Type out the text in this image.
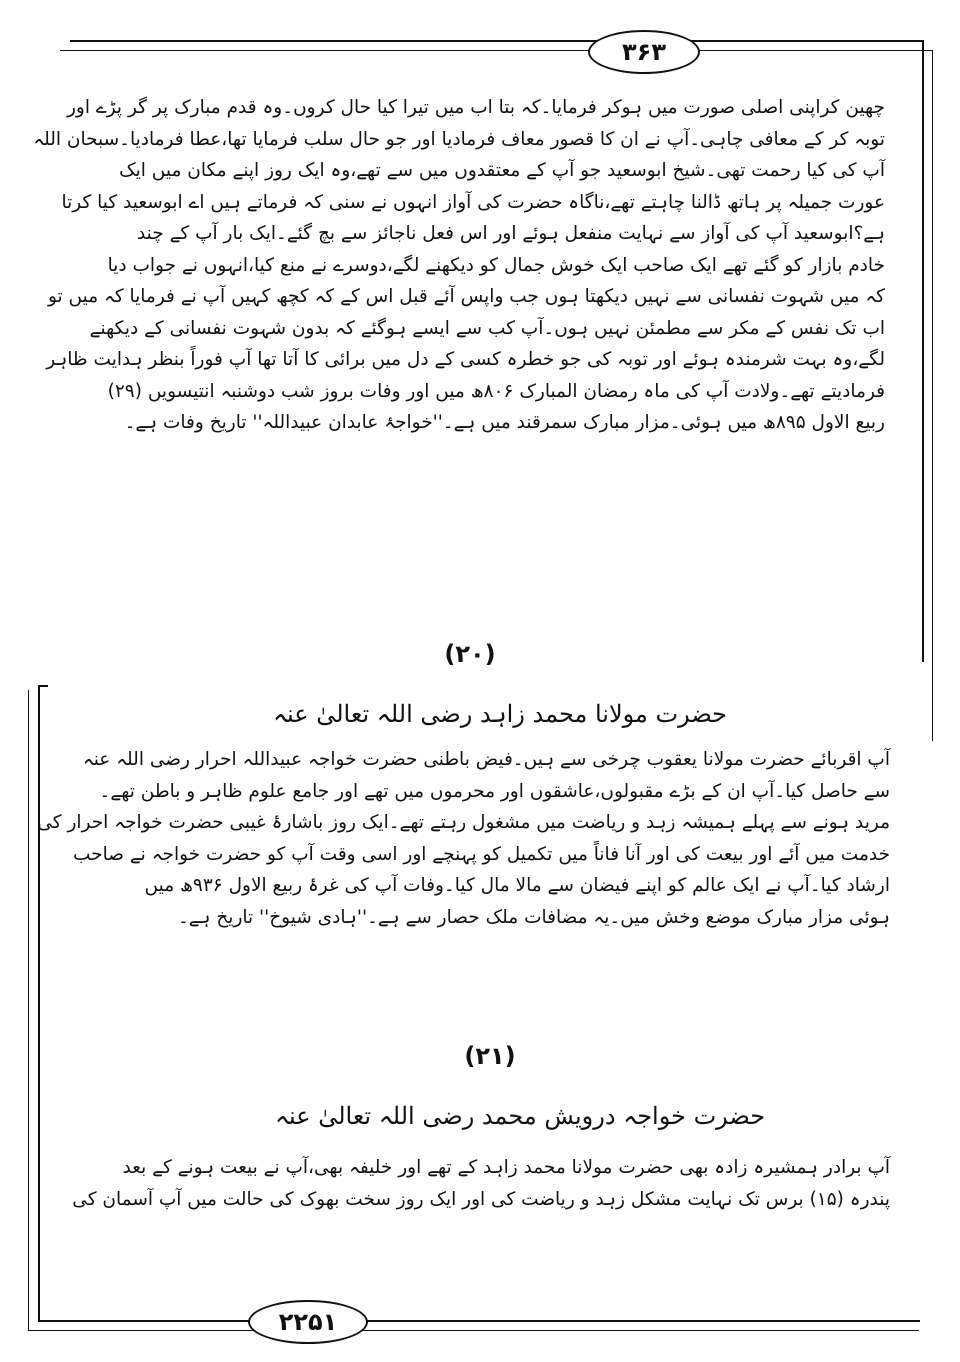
۳۶۳
چھین کراپنی اصلی صورت میں ہوکر فرمایا۔کہ بتا اب میں تیرا کیا حال کروں۔وہ قدم مبارک پر گر پڑے اور
توبہ کر کے معافی چاہی۔آپ نے ان کا قصور معاف فرمادیا اور جو حال سلب فرمایا تھا،عطا فرمادیا۔سبحان اللہ
آپ کی کیا رحمت تھی۔شیخ ابوسعید جو آپ کے معتقدوں میں سے تھے،وہ ایک روز اپنے مکان میں ایک
عورت جمیلہ پر ہاتھ ڈالنا چاہتے تھے،ناگاہ حضرت کی آواز انہوں نے سنی کہ فرماتے ہیں اے ابوسعید کیا کرتا
ہے؟ابوسعید آپ کی آواز سے نہایت منفعل ہوئے اور اس فعل ناجائز سے بچ گئے۔ایک بار آپ کے چند
خادم بازار کو گئے تھے ایک صاحب ایک خوش جمال کو دیکھنے لگے،دوسرے نے منع کیا،انہوں نے جواب دیا
کہ میں شہوت نفسانی سے نہیں دیکھتا ہوں جب واپس آئے قبل اس کے کہ کچھ کہیں آپ نے فرمایا کہ میں تو
اب تک نفس کے مکر سے مطمئن نہیں ہوں۔آپ کب سے ایسے ہوگئے کہ بدون شہوت نفسانی کے دیکھنے
لگے،وہ بہت شرمندہ ہوئے اور توبہ کی جو خطرہ کسی کے دل میں برائی کا آتا تھا آپ فوراً بنظر ہدایت ظاہر
فرمادیتے تھے۔ولادت آپ کی ماہ رمضان المبارک ۸۰۶ھ میں اور وفات بروز شب دوشنبہ انتیسویں (۲۹)
ربیع الاول ۸۹۵ھ میں ہوئی۔مزار مبارک سمرقند میں ہے۔''خواجۂ عابدان عبیداللہ'' تاریخ وفات ہے۔
(۲۰)
حضرت مولانا محمد زاہد رضی اللہ تعالیٰ عنہ
آپ اقربائے حضرت مولانا یعقوب چرخی سے ہیں۔فیض باطنی حضرت خواجہ عبیداللہ احرار رضی اللہ عنہ
سے حاصل کیا۔آپ ان کے بڑے مقبولوں،عاشقوں اور محرموں میں تھے اور جامع علوم ظاہر و باطن تھے۔
مرید ہونے سے پہلے ہمیشہ زہد و ریاضت میں مشغول رہتے تھے۔ایک روز باشارۂ غیبی حضرت خواجہ احرار کی
خدمت میں آئے اور بیعت کی اور آنا فاناً میں تکمیل کو پہنچے اور اسی وقت آپ کو حضرت خواجہ نے صاحب
ارشاد کیا۔آپ نے ایک عالم کو اپنے فیضان سے مالا مال کیا۔وفات آپ کی غرۂ ربیع الاول ۹۳۶ھ میں
ہوئی مزار مبارک موضع وخش میں۔یہ مضافات ملک حصار سے ہے۔''ہادی شیوخ'' تاریخ ہے۔
(۲۱)
حضرت خواجہ درویش محمد رضی اللہ تعالیٰ عنہ
آپ برادر ہمشیرہ زادہ بھی حضرت مولانا محمد زاہد کے تھے اور خلیفہ بھی،آپ نے بیعت ہونے کے بعد
پندرہ (۱۵) برس تک نہایت مشکل زہد و ریاضت کی اور ایک روز سخت بھوک کی حالت میں آپ آسمان کی
۲۲۵۱
